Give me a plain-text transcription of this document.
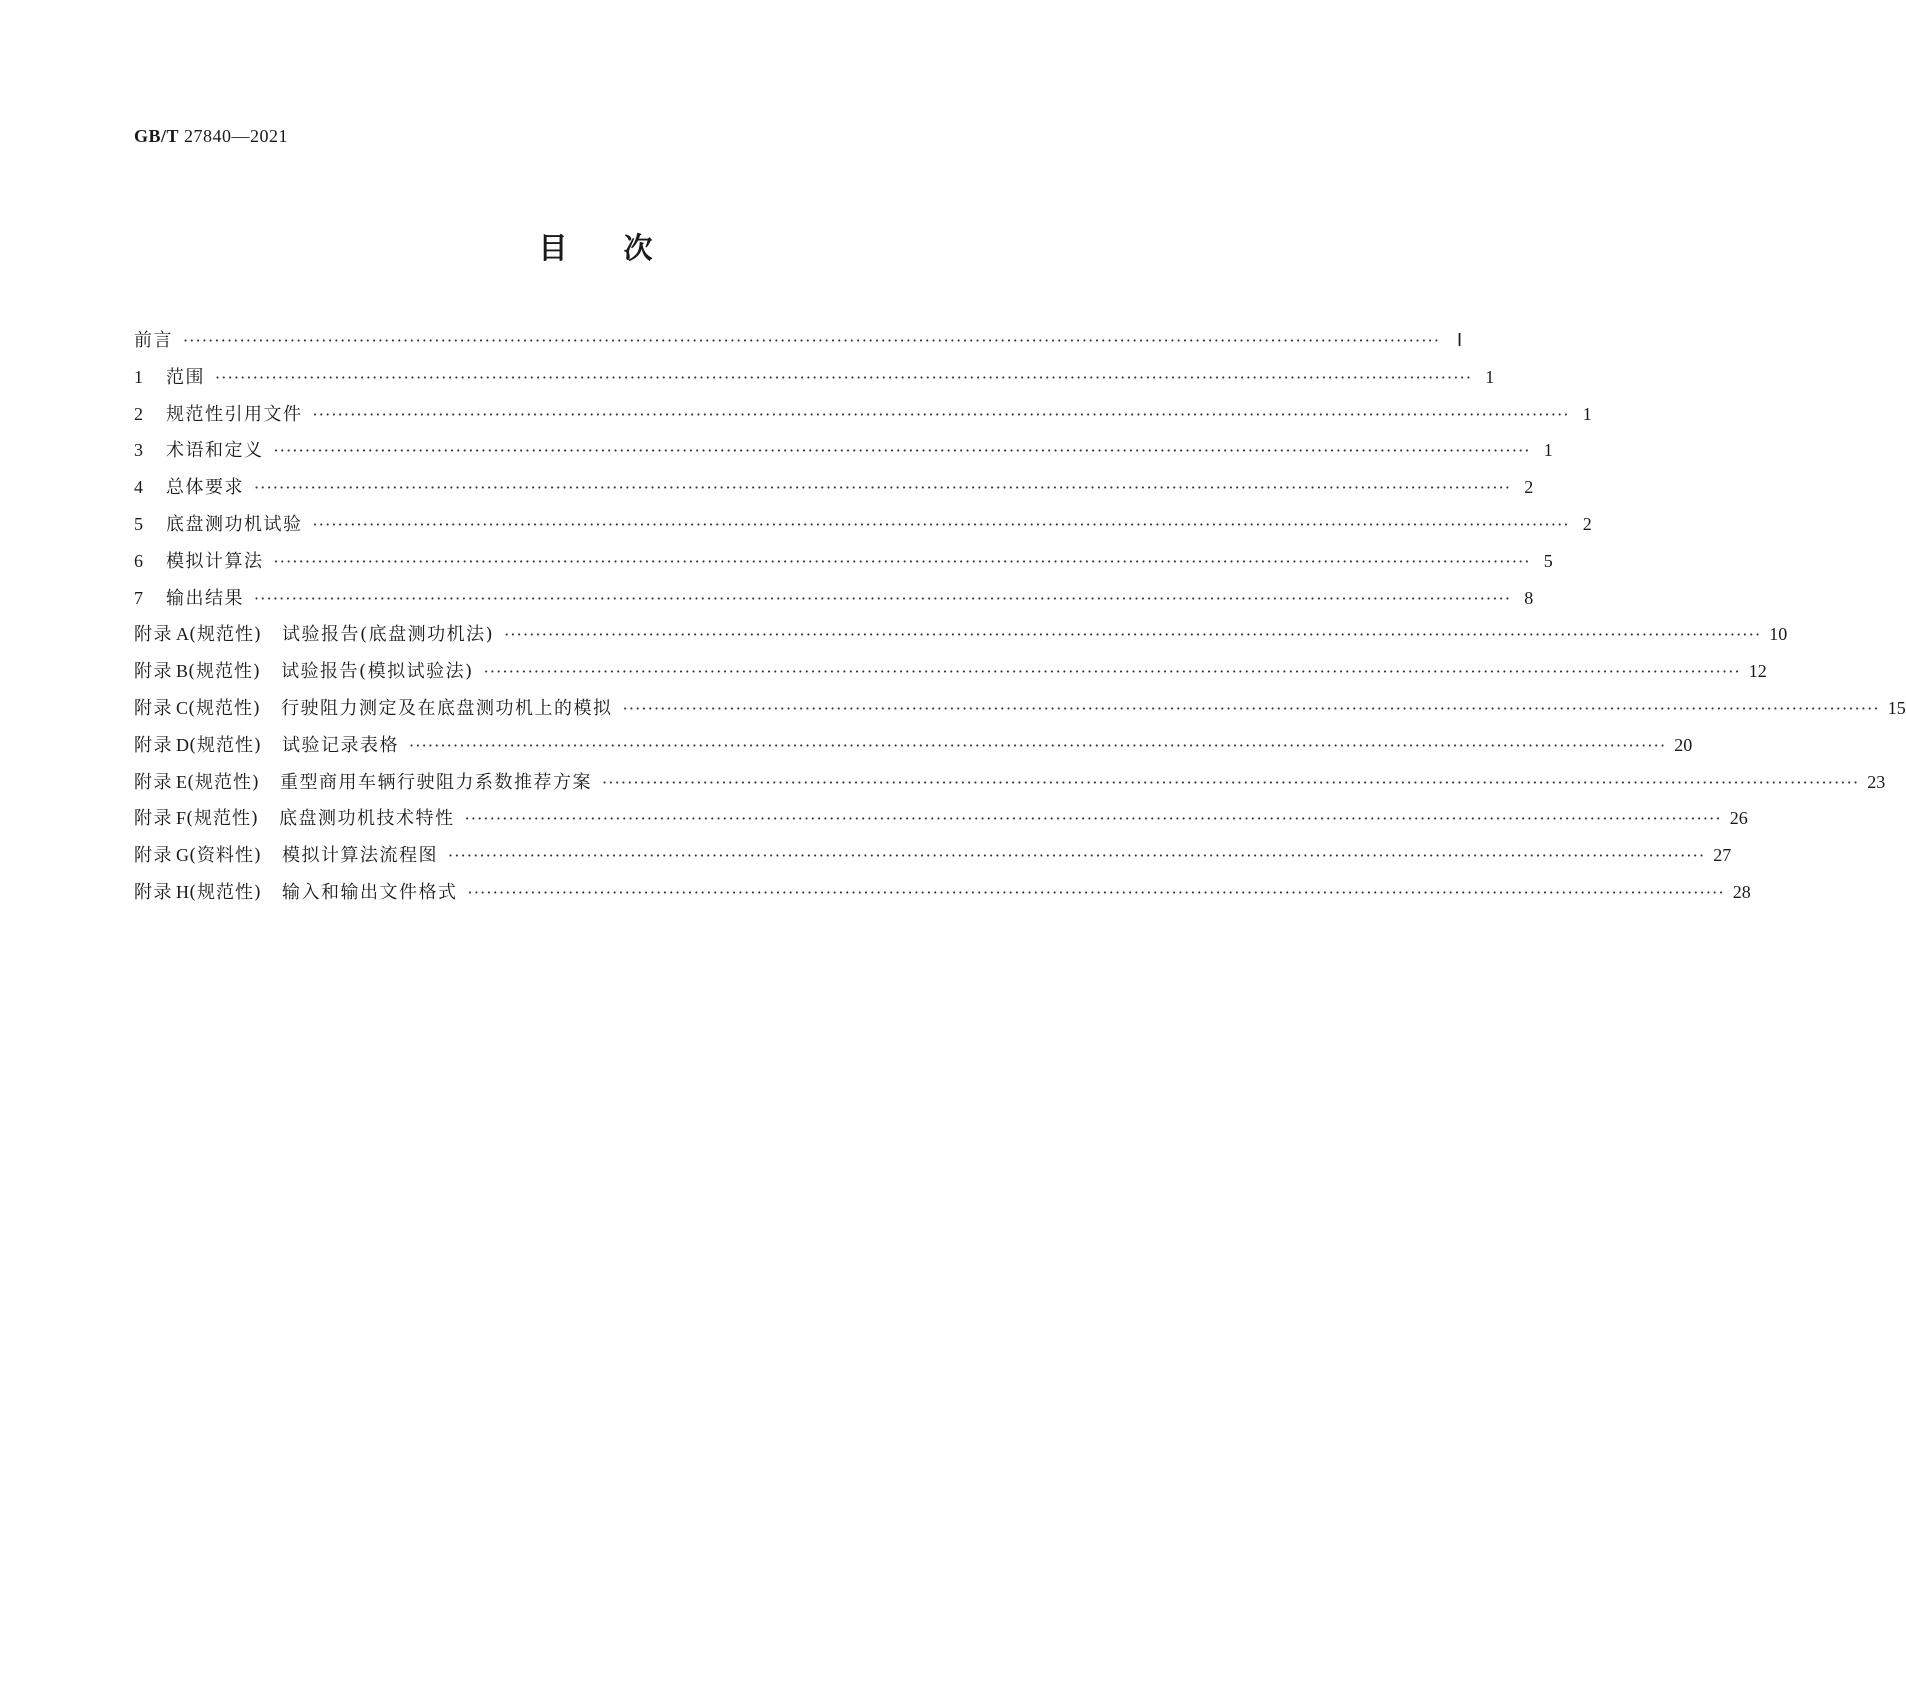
GB/T 27840—2021
目次
前言 ········································································································································································································ Ⅰ
1 范围 ········································································································································································································ 1
2 规范性引用文件 ········································································································································································································ 1
3 术语和定义 ········································································································································································································ 1
4 总体要求 ········································································································································································································ 2
5 底盘测功机试验 ········································································································································································································ 2
6 模拟计算法 ········································································································································································································ 5
7 输出结果 ········································································································································································································ 8
附录 A(规范性) 试验报告(底盘测功机法) ········································································································································································································ 10
附录 B(规范性) 试验报告(模拟试验法) ········································································································································································································ 12
附录 C(规范性) 行驶阻力测定及在底盘测功机上的模拟 ········································································································································································································ 15
附录 D(规范性) 试验记录表格 ········································································································································································································ 20
附录 E(规范性) 重型商用车辆行驶阻力系数推荐方案 ········································································································································································································ 23
附录 F(规范性) 底盘测功机技术特性 ········································································································································································································ 26
附录 G(资料性) 模拟计算法流程图 ········································································································································································································ 27
附录 H(规范性) 输入和输出文件格式 ········································································································································································································ 28
